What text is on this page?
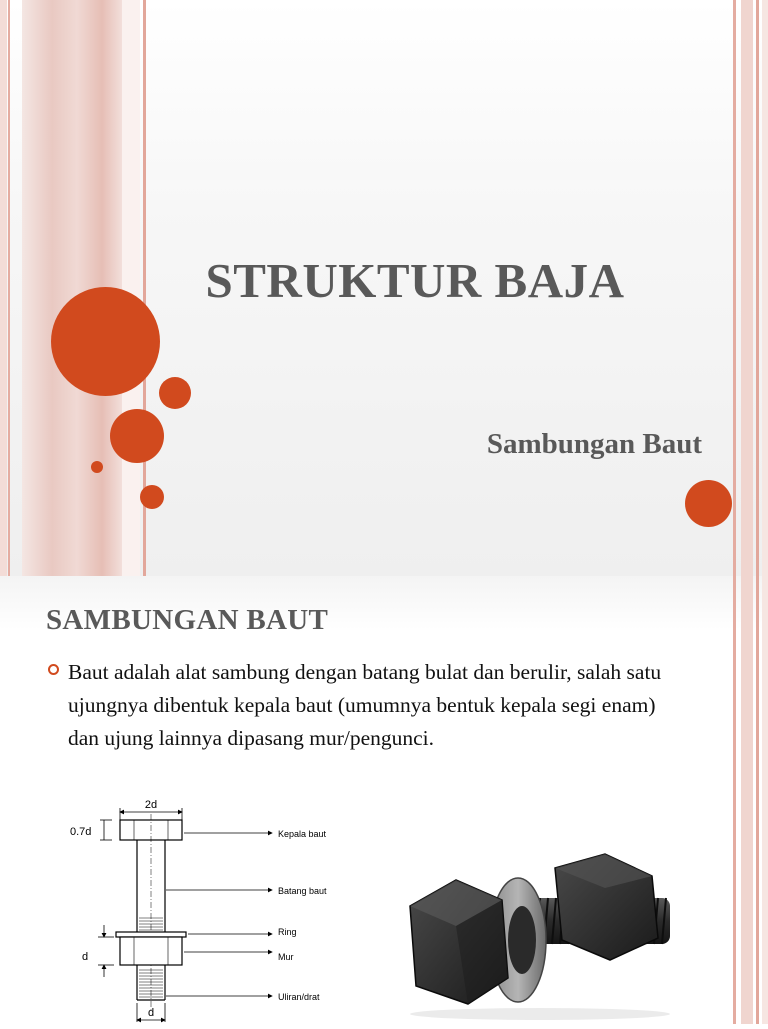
STRUKTUR BAJA
Sambungan Baut
SAMBUNGAN BAUT
Baut adalah alat sambung dengan batang bulat dan berulir, salah satu ujungnya dibentuk kepala baut (umumnya bentuk kepala segi enam) dan ujung lainnya dipasang mur/pengunci.
2d
0.7d
d
d
Kepala baut
Batang baut
Ring
Mur
Uliran/drat
